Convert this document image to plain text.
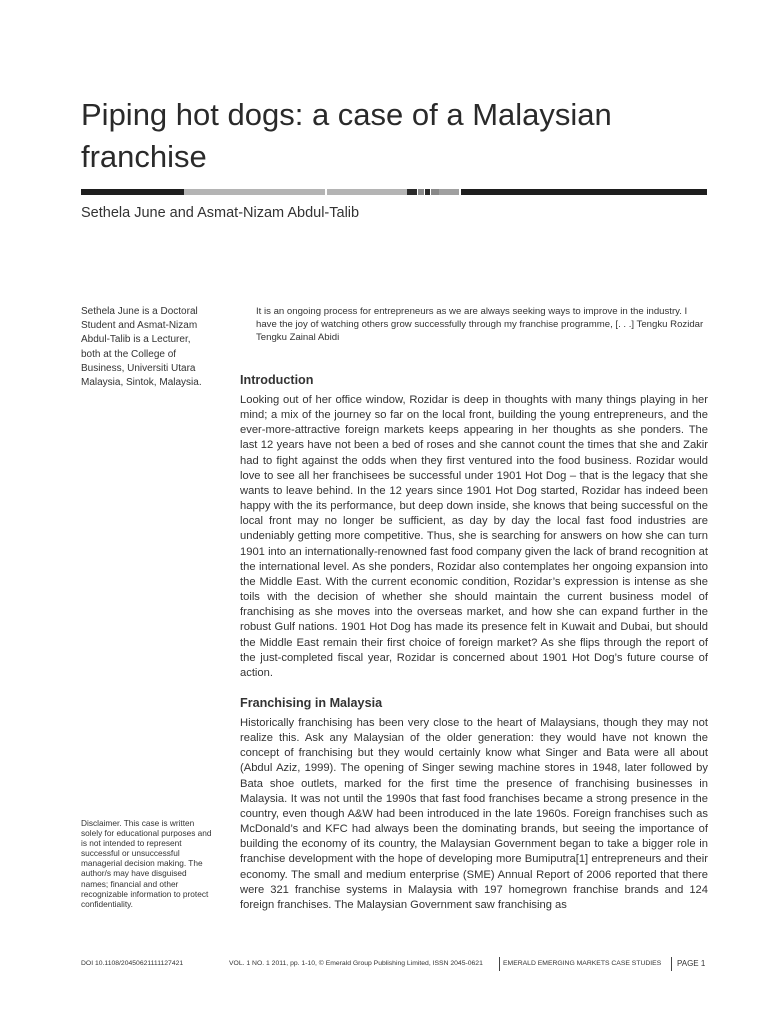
Piping hot dogs: a case of a Malaysian franchise
Sethela June and Asmat-Nizam Abdul-Talib
Sethela June is a Doctoral Student and Asmat-Nizam Abdul-Talib is a Lecturer, both at the College of Business, Universiti Utara Malaysia, Sintok, Malaysia.
It is an ongoing process for entrepreneurs as we are always seeking ways to improve in the industry. I have the joy of watching others grow successfully through my franchise programme, [. . .] Tengku Rozidar Tengku Zainal Abidi
Introduction
Looking out of her office window, Rozidar is deep in thoughts with many things playing in her mind; a mix of the journey so far on the local front, building the young entrepreneurs, and the ever-more-attractive foreign markets keeps appearing in her thoughts as she ponders. The last 12 years have not been a bed of roses and she cannot count the times that she and Zakir had to fight against the odds when they first ventured into the food business. Rozidar would love to see all her franchisees be successful under 1901 Hot Dog – that is the legacy that she wants to leave behind. In the 12 years since 1901 Hot Dog started, Rozidar has indeed been happy with the its performance, but deep down inside, she knows that being successful on the local front may no longer be sufficient, as day by day the local fast food industries are undeniably getting more competitive. Thus, she is searching for answers on how she can turn 1901 into an internationally-renowned fast food company given the lack of brand recognition at the international level. As she ponders, Rozidar also contemplates her ongoing expansion into the Middle East. With the current economic condition, Rozidar’s expression is intense as she toils with the decision of whether she should maintain the current business model of franchising as she moves into the overseas market, and how she can expand further in the robust Gulf nations. 1901 Hot Dog has made its presence felt in Kuwait and Dubai, but should the Middle East remain their first choice of foreign market? As she flips through the report of the just-completed fiscal year, Rozidar is concerned about 1901 Hot Dog’s future course of action.
Franchising in Malaysia
Historically franchising has been very close to the heart of Malaysians, though they may not realize this. Ask any Malaysian of the older generation: they would have not known the concept of franchising but they would certainly know what Singer and Bata were all about (Abdul Aziz, 1999). The opening of Singer sewing machine stores in 1948, later followed by Bata shoe outlets, marked for the first time the presence of franchising businesses in Malaysia. It was not until the 1990s that fast food franchises became a strong presence in the country, even though A&W had been introduced in the late 1960s. Foreign franchises such as McDonald’s and KFC had always been the dominating brands, but seeing the importance of building the economy of its country, the Malaysian Government began to take a bigger role in franchise development with the hope of developing more Bumiputra[1] entrepreneurs and their economy. The small and medium enterprise (SME) Annual Report of 2006 reported that there were 321 franchise systems in Malaysia with 197 homegrown franchise brands and 124 foreign franchises. The Malaysian Government saw franchising as
Disclaimer. This case is written solely for educational purposes and is not intended to represent successful or unsuccessful managerial decision making. The author/s may have disguised names; financial and other recognizable information to protect confidentiality.
DOI 10.1108/20450621111127421	VOL. 1 NO. 1 2011, pp. 1-10, © Emerald Group Publishing Limited, ISSN 2045-0621	EMERALD EMERGING MARKETS CASE STUDIES PAGE 1
